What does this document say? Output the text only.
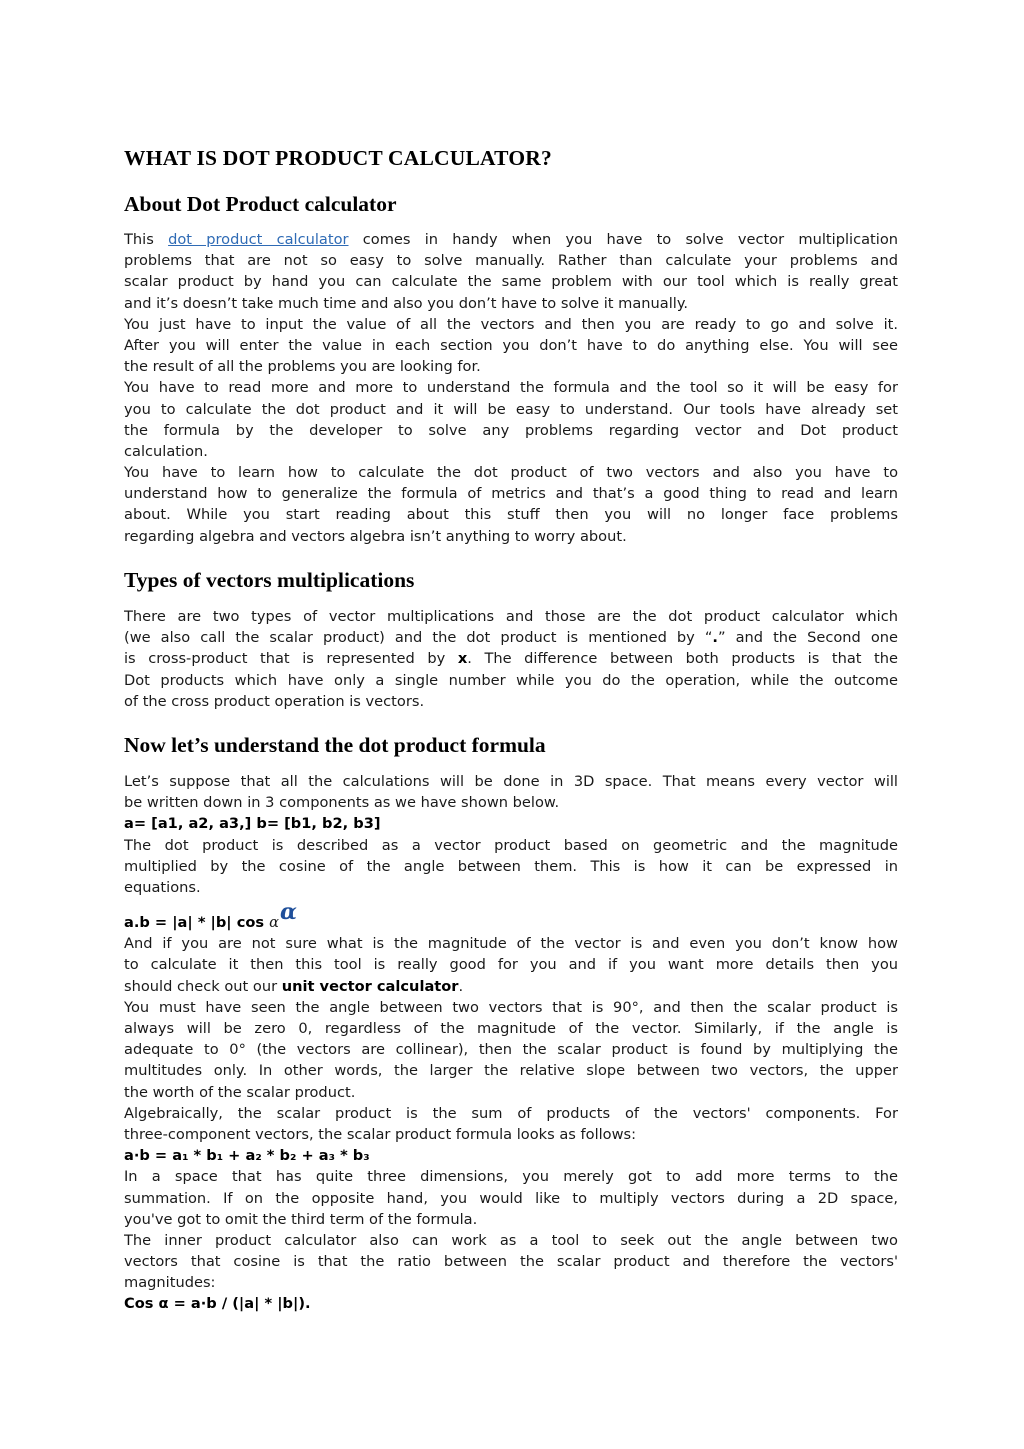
WHAT IS DOT PRODUCT CALCULATOR?
About Dot Product calculator
This dot product calculator comes in handy when you have to solve vector multiplication
problems that are not so easy to solve manually. Rather than calculate your problems and
scalar product by hand you can calculate the same problem with our tool which is really great
and it’s doesn’t take much time and also you don’t have to solve it manually.
You just have to input the value of all the vectors and then you are ready to go and solve it.
After you will enter the value in each section you don’t have to do anything else. You will see
the result of all the problems you are looking for.
You have to read more and more to understand the formula and the tool so it will be easy for
you to calculate the dot product and it will be easy to understand. Our tools have already set
the formula by the developer to solve any problems regarding vector and Dot product
calculation.
You have to learn how to calculate the dot product of two vectors and also you have to
understand how to generalize the formula of metrics and that’s a good thing to read and learn
about. While you start reading about this stuff then you will no longer face problems
regarding algebra and vectors algebra isn’t anything to worry about.
Types of vectors multiplications
There are two types of vector multiplications and those are the dot product calculator which
(we also call the scalar product) and the dot product is mentioned by “.” and the Second one
is cross-product that is represented by x. The difference between both products is that the
Dot products which have only a single number while you do the operation, while the outcome
of the cross product operation is vectors.
Now let’s understand the dot product formula
Let’s suppose that all the calculations will be done in 3D space. That means every vector will
be written down in 3 components as we have shown below.
a= [a1, a2, a3,] b= [b1, b2, b3]
The dot product is described as a vector product based on geometric and the magnitude
multiplied by the cosine of the angle between them. This is how it can be expressed in
equations.
a.b = |a| * |b| cos αα
And if you are not sure what is the magnitude of the vector is and even you don’t know how
to calculate it then this tool is really good for you and if you want more details then you
should check out our unit vector calculator.
You must have seen the angle between two vectors that is 90°, and then the scalar product is
always will be zero 0, regardless of the magnitude of the vector. Similarly, if the angle is
adequate to 0° (the vectors are collinear), then the scalar product is found by multiplying the
multitudes only. In other words, the larger the relative slope between two vectors, the upper
the worth of the scalar product.
Algebraically, the scalar product is the sum of products of the vectors' components. For
three-component vectors, the scalar product formula looks as follows:
a·b = a₁ * b₁ + a₂ * b₂ + a₃ * b₃
In a space that has quite three dimensions, you merely got to add more terms to the
summation. If on the opposite hand, you would like to multiply vectors during a 2D space,
you've got to omit the third term of the formula.
The inner product calculator also can work as a tool to seek out the angle between two
vectors that cosine is that the ratio between the scalar product and therefore the vectors'
magnitudes:
Cos α = a·b / (|a| * |b|).
